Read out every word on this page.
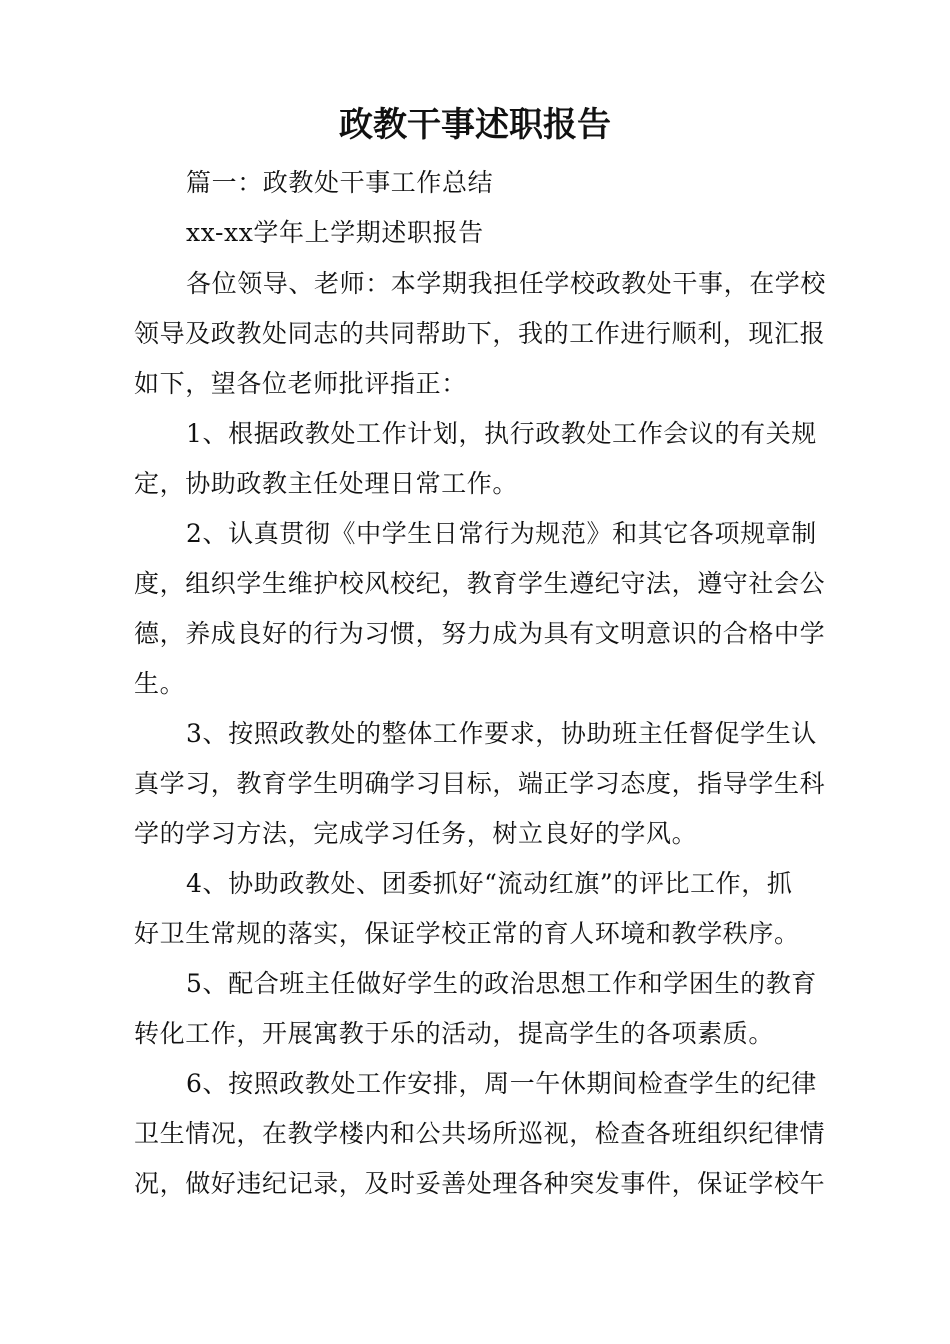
政教干事述职报告
篇一：政教处干事工作总结
xx-xx学年上学期述职报告
各位领导、老师：本学期我担任学校政教处干事，在学校
领导及政教处同志的共同帮助下，我的工作进行顺利，现汇报
如下，望各位老师批评指正：
1、根据政教处工作计划，执行政教处工作会议的有关规
定，协助政教主任处理日常工作。
2、认真贯彻《中学生日常行为规范》和其它各项规章制
度，组织学生维护校风校纪，教育学生遵纪守法，遵守社会公
德，养成良好的行为习惯，努力成为具有文明意识的合格中学
生。
3、按照政教处的整体工作要求，协助班主任督促学生认
真学习，教育学生明确学习目标，端正学习态度，指导学生科
学的学习方法，完成学习任务，树立良好的学风。
4、协助政教处、团委抓好“流动红旗”的评比工作，抓
好卫生常规的落实，保证学校正常的育人环境和教学秩序。
5、配合班主任做好学生的政治思想工作和学困生的教育
转化工作，开展寓教于乐的活动，提高学生的各项素质。
6、按照政教处工作安排，周一午休期间检查学生的纪律
卫生情况，在教学楼内和公共场所巡视，检查各班组织纪律情
况，做好违纪记录，及时妥善处理各种突发事件，保证学校午
